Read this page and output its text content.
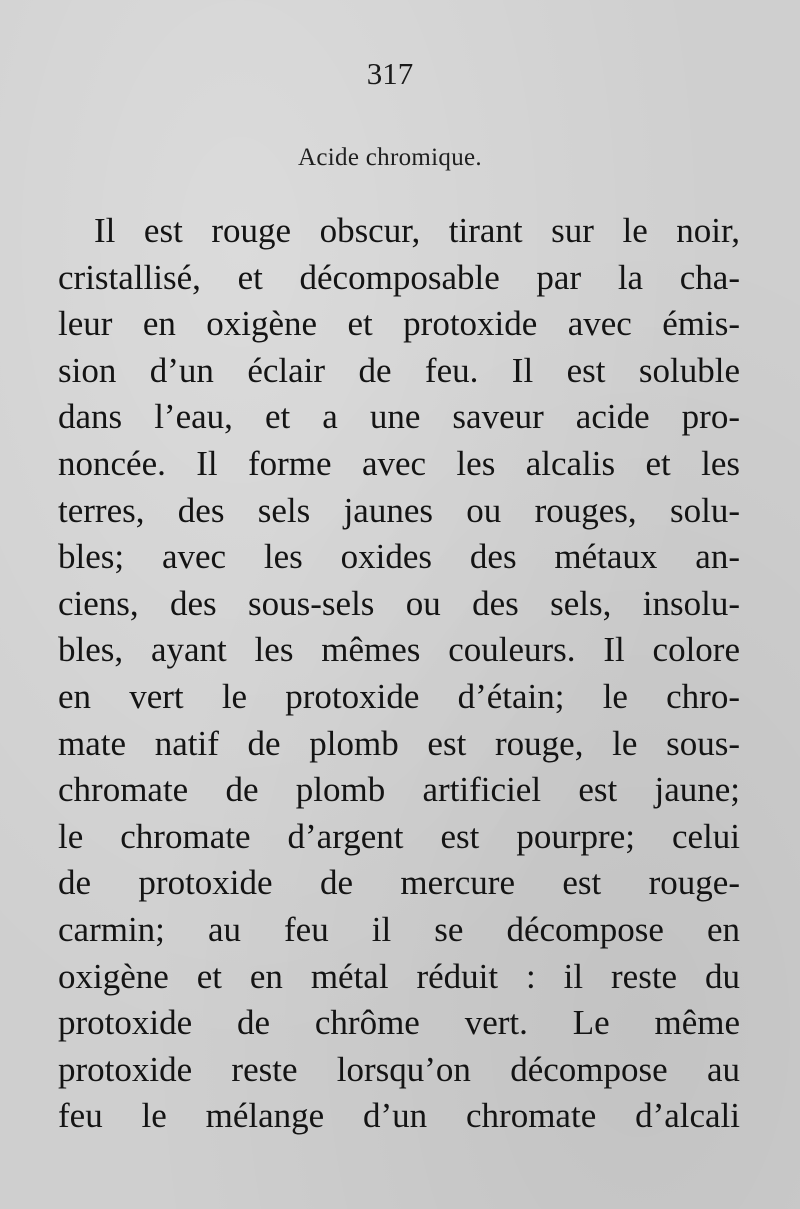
317
Acide chromique.
Il est rouge obscur, tirant sur le noir,
cristallisé, et décomposable par la cha-
leur en oxigène et protoxide avec émis-
sion d’un éclair de feu. Il est soluble
dans l’eau, et a une saveur acide pro-
noncée. Il forme avec les alcalis et les
terres, des sels jaunes ou rouges, solu-
bles; avec les oxides des métaux an-
ciens, des sous-sels ou des sels, insolu-
bles, ayant les mêmes couleurs. Il colore
en vert le protoxide d’étain; le chro-
mate natif de plomb est rouge, le sous-
chromate de plomb artificiel est jaune;
le chromate d’argent est pourpre; celui
de protoxide de mercure est rouge-
carmin; au feu il se décompose en
oxigène et en métal réduit : il reste du
protoxide de chrôme vert. Le même
protoxide reste lorsqu’on décompose au
feu le mélange d’un chromate d’alcali
